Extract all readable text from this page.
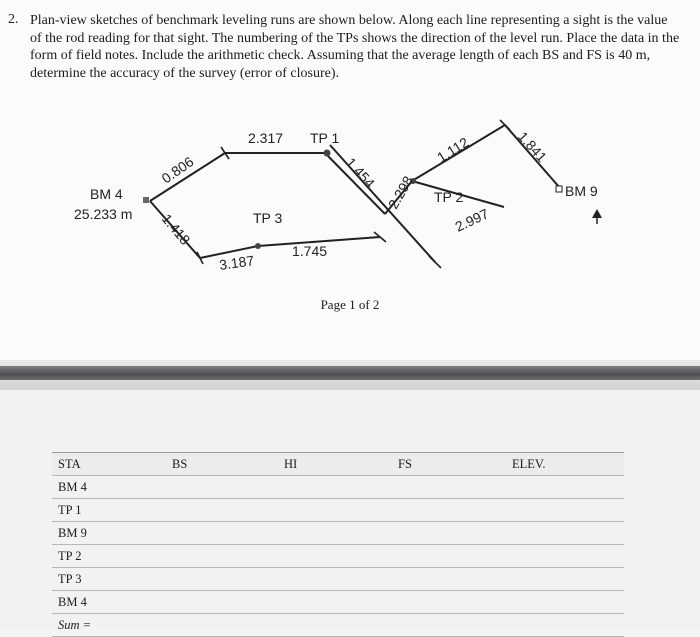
2. Plan-view sketches of benchmark leveling runs are shown below. Along each line representing a sight is the value of the rod reading for that sight. The numbering of the TPs shows the direction of the level run. Place the data in the form of field notes. Include the arithmetic check. Assuming that the average length of each BS and FS is 40 m, determine the accuracy of the survey (error of closure).
BM 4
25.233 m
TP 1
TP 2
TP 3
BM 9
2.317
3.187
1.745
0.806	1.454
2.298
1.112	1.841
2.997
1.418
Page 1 of 2
STA	BS	HI	FS	ELEV.
BM 4
TP 1
BM 9
TP 2
TP 3
BM 4
Sum =
